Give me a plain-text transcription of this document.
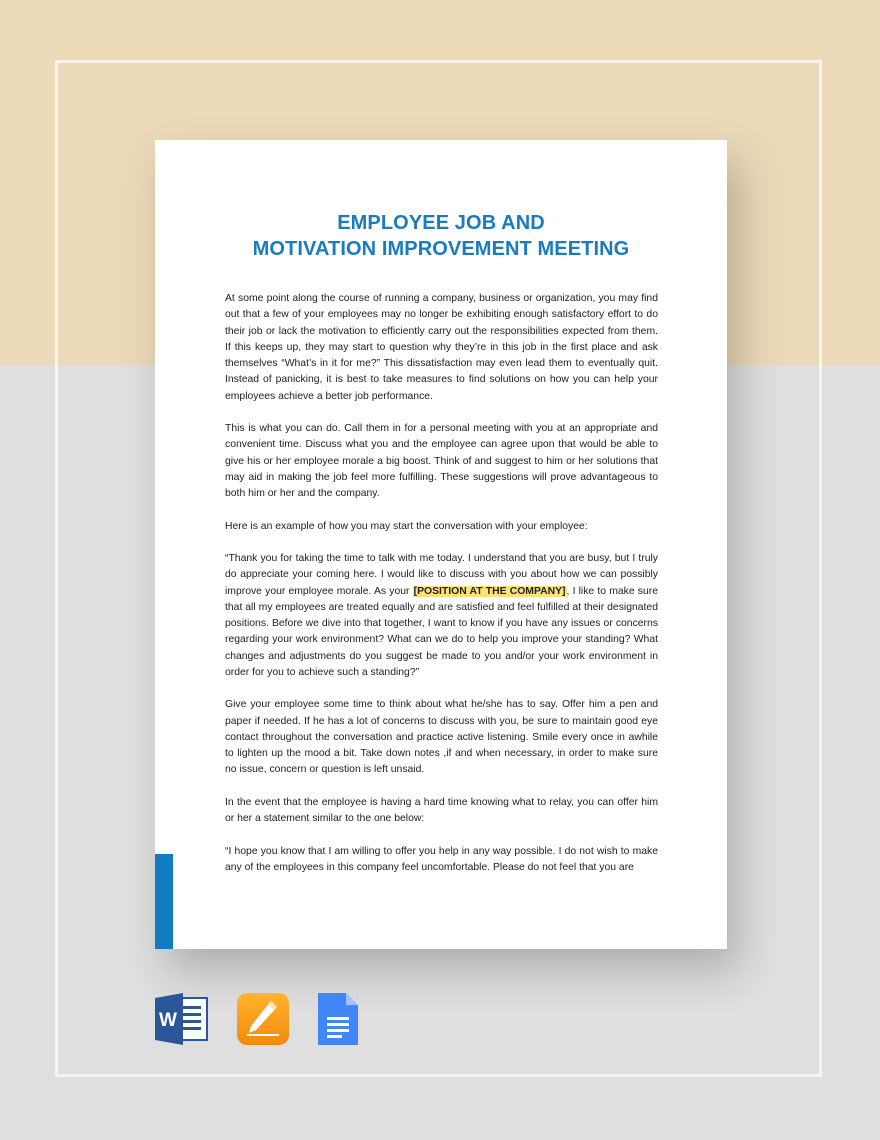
EMPLOYEE JOB AND
MOTIVATION IMPROVEMENT MEETING

At some point along the course of running a company, business or organization, you may find out that a few of your employees may no longer be exhibiting enough satisfactory effort to do their job or lack the motivation to efficiently carry out the responsibilities expected from them. If this keeps up, they may start to question why they’re in this job in the first place and ask themselves “What’s in it for me?” This dissatisfaction may even lead them to eventually quit. Instead of panicking, it is best to take measures to find solutions on how you can help your employees achieve a better job performance.

This is what you can do. Call them in for a personal meeting with you at an appropriate and convenient time. Discuss what you and the employee can agree upon that would be able to give his or her employee morale a big boost. Think of and suggest to him or her solutions that may aid in making the job feel more fulfilling. These suggestions will prove advantageous to both him or her and the company.

Here is an example of how you may start the conversation with your employee:

“Thank you for taking the time to talk with me today. I understand that you are busy, but I truly do appreciate your coming here. I would like to discuss with you about how we can possibly improve your employee morale. As your [POSITION AT THE COMPANY], I like to make sure that all my employees are treated equally and are satisfied and feel fulfilled at their designated positions. Before we dive into that together, I want to know if you have any issues or concerns regarding your work environment? What can we do to help you improve your standing? What changes and adjustments do you suggest be made to you and/or your work environment in order for you to achieve such a standing?”

Give your employee some time to think about what he/she has to say. Offer him a pen and paper if needed. If he has a lot of concerns to discuss with you, be sure to maintain good eye contact throughout the conversation and practice active listening. Smile every once in awhile to lighten up the mood a bit. Take down notes ,if and when necessary, in order to make sure no issue, concern or question is left unsaid.

In the event that the employee is having a hard time knowing what to relay, you can offer him or her a statement similar to the one below:

“I hope you know that I am willing to offer you help in any way possible. I do not wish to make any of the employees in this company feel uncomfortable. Please do not feel that you are

W
